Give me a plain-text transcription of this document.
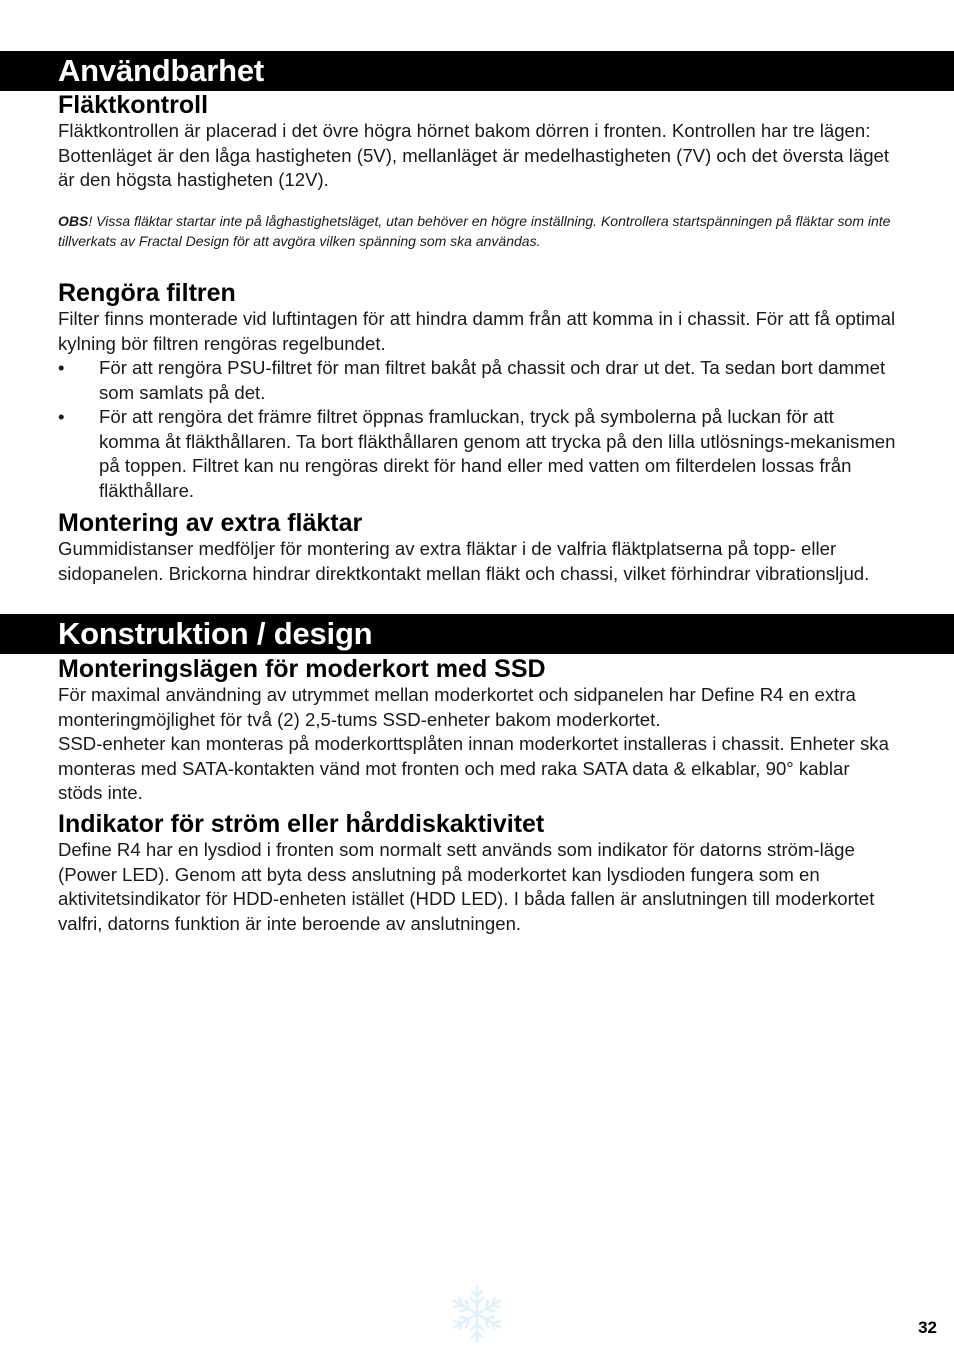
Användbarhet
Fläktkontroll

Fläktkontrollen är placerad i det övre högra hörnet bakom dörren i fronten. Kontrollen har tre lägen: Bottenläget är den låga hastigheten (5V), mellanläget är medelhastigheten (7V) och det översta läget är den högsta hastigheten (12V).

OBS! Vissa fläktar startar inte på låghastighetsläget, utan behöver en högre inställning. Kontrollera startspänningen på fläktar som inte tillverkats av Fractal Design för att avgöra vilken spänning som ska användas.

Rengöra filtren

Filter finns monterade vid luftintagen för att hindra damm från att komma in i chassit. För att få optimal kylning bör filtren rengöras regelbundet.

•	För att rengöra PSU-filtret för man filtret bakåt på chassit och drar ut det. Ta sedan bort dammet som samlats på det.
•	För att rengöra det främre filtret öppnas framluckan, tryck på symbolerna på luckan för att komma åt fläkthållaren. Ta bort fläkthållaren genom att trycka på den lilla utlösnings-mekanismen på toppen. Filtret kan nu rengöras direkt för hand eller med vatten om filterdelen lossas från fläkthållare.
Montering av extra fläktar

Gummidistanser medföljer för montering av extra fläktar i de valfria fläktplatserna på topp- eller sidopanelen. Brickorna hindrar direktkontakt mellan fläkt och chassi, vilket förhindrar vibrationsljud.

Konstruktion / design
Monteringslägen för moderkort med SSD

För maximal användning av utrymmet mellan moderkortet och sidpanelen har Define R4 en extra monteringmöjlighet för två (2) 2,5-tums SSD-enheter bakom moderkortet.

SSD-enheter kan monteras på moderkorttsplåten innan moderkortet installeras i chassit. Enheter ska monteras med SATA-kontakten vänd mot fronten och med raka SATA data & elkablar, 90° kablar stöds inte.

Indikator för ström eller hårddiskaktivitet

Define R4 har en lysdiod i fronten som normalt sett används som indikator för datorns ström-läge (Power LED). Genom att byta dess anslutning på moderkortet kan lysdioden fungera som en aktivitetsindikator för HDD-enheten istället (HDD LED). I båda fallen är anslutningen till moderkortet valfri, datorns funktion är inte beroende av anslutningen.

32
